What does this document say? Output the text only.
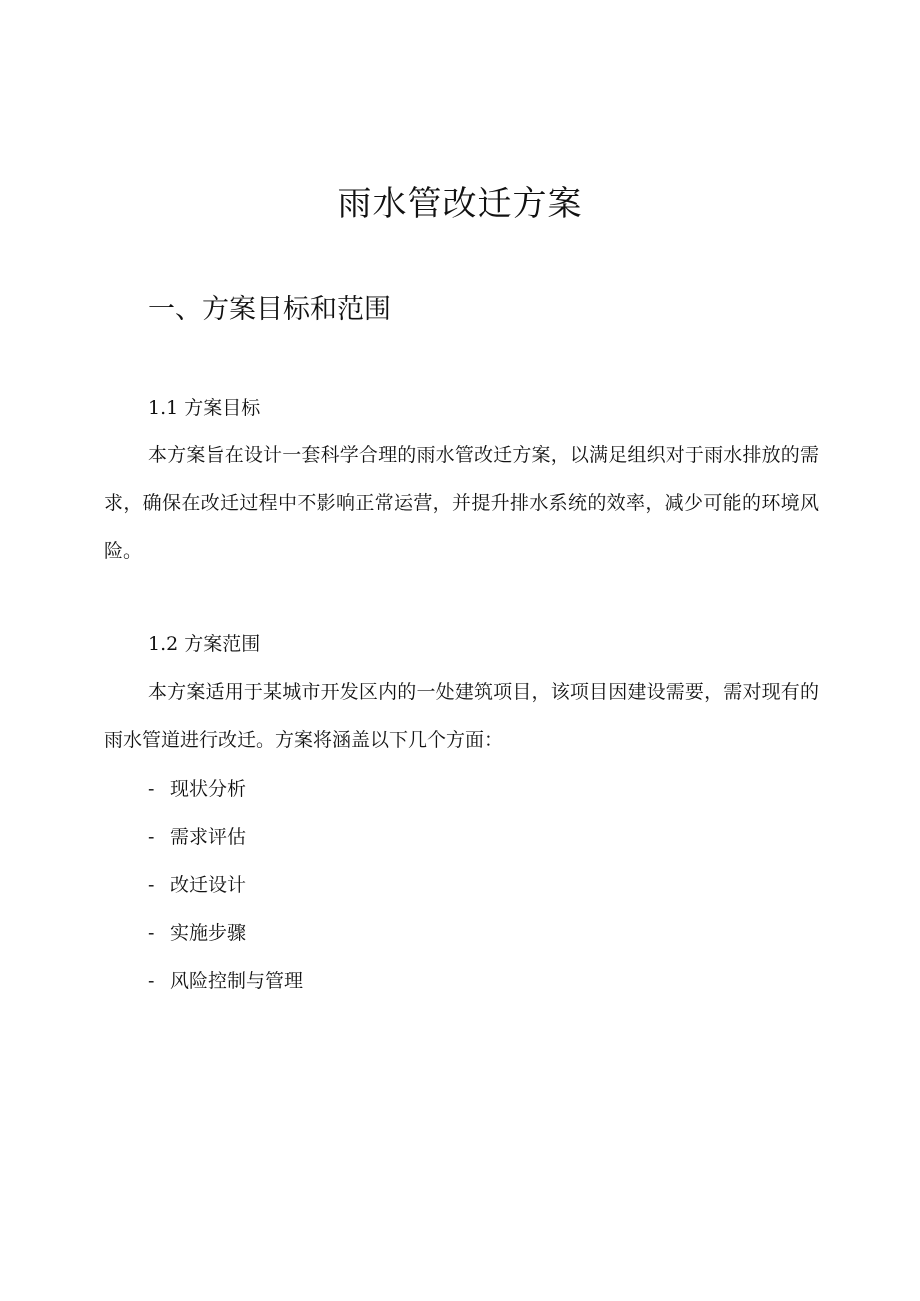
雨水管改迁方案
一、方案目标和范围
1.1 方案目标

本方案旨在设计一套科学合理的雨水管改迁方案，以满足组织对于雨水排放的需求，确保在改迁过程中不影响正常运营，并提升排水系统的效率，减少可能的环境风险。

1.2 方案范围

本方案适用于某城市开发区内的一处建筑项目，该项目因建设需要，需对现有的雨水管道进行改迁。方案将涵盖以下几个方面：

- 现状分析
- 需求评估
- 改迁设计
- 实施步骤
- 风险控制与管理
